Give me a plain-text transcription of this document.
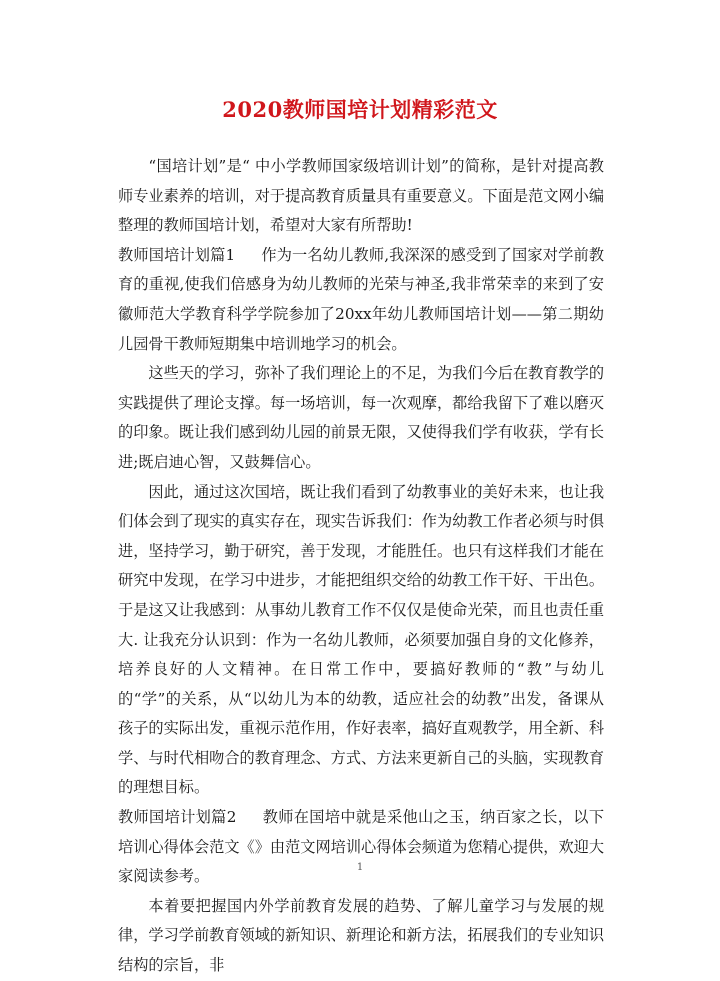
2020教师国培计划精彩范文

“国培计划”是“ 中小学教师国家级培训计划”的简称，是针对提高教师专业素养的培训，对于提高教育质量具有重要意义。下面是范文网小编整理的教师国培计划，希望对大家有所帮助!

教师国培计划篇1 作为一名幼儿教师,我深深的感受到了国家对学前教育的重视,使我们倍感身为幼儿教师的光荣与神圣,我非常荣幸的来到了安徽师范大学教育科学学院参加了20xx年幼儿教师国培计划——第二期幼儿园骨干教师短期集中培训地学习的机会。

这些天的学习，弥补了我们理论上的不足，为我们今后在教育教学的实践提供了理论支撑。每一场培训，每一次观摩，都给我留下了难以磨灭的印象。既让我们感到幼儿园的前景无限，又使得我们学有收获，学有长进;既启迪心智，又鼓舞信心。

因此，通过这次国培，既让我们看到了幼教事业的美好未来，也让我们体会到了现实的真实存在，现实告诉我们：作为幼教工作者必须与时俱进，坚持学习，勤于研究，善于发现，才能胜任。也只有这样我们才能在研究中发现，在学习中进步，才能把组织交给的幼教工作干好、干出色。于是这又让我感到：从事幼儿教育工作不仅仅是使命光荣，而且也责任重大. 让我充分认识到：作为一名幼儿教师，必须要加强自身的文化修养，培养良好的人文精神。在日常工作中，要搞好教师的“教”与幼儿的“学”的关系，从“以幼儿为本的幼教，适应社会的幼教”出发，备课从孩子的实际出发，重视示范作用，作好表率，搞好直观教学，用全新、科学、与时代相吻合的教育理念、方式、方法来更新自己的头脑，实现教育的理想目标。

教师国培计划篇2 教师在国培中就是采他山之玉，纳百家之长，以下培训心得体会范文《》由范文网培训心得体会频道为您精心提供，欢迎大家阅读参考。

本着要把握国内外学前教育发展的趋势、了解儿童学习与发展的规律，学习学前教育领域的新知识、新理论和新方法，拓展我们的专业知识结构的宗旨，非

1
